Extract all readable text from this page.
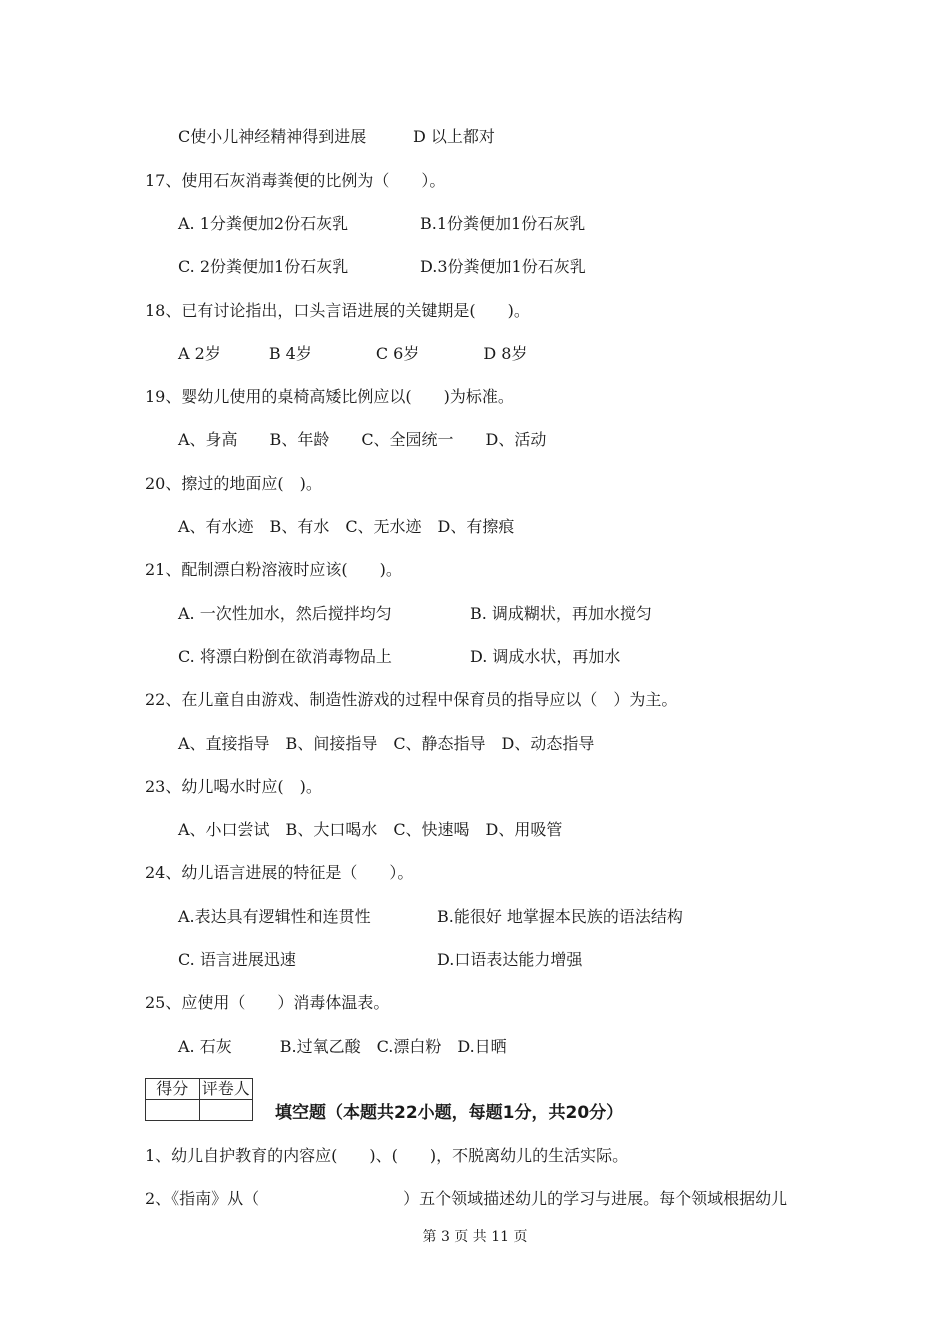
C使小儿神经精神得到进展	D 以上都对
17、使用石灰消毒粪便的比例为（　　）。
A. 1分粪便加2份石灰乳	B.1份粪便加1份石灰乳
C. 2份粪便加1份石灰乳	D.3份粪便加1份石灰乳
18、已有讨论指出，口头言语进展的关键期是(　　)。
A 2岁　　　B 4岁　　　　C 6岁　　　　D 8岁
19、婴幼儿使用的桌椅高矮比例应以(　　)为标准。
A、身高　　B、年龄　　C、全园统一　　D、活动
20、擦过的地面应(　)。
A、有水迹　B、有水　C、无水迹　D、有擦痕
21、配制漂白粉溶液时应该(　　)。
A. 一次性加水，然后搅拌均匀	B. 调成糊状，再加水搅匀
C. 将漂白粉倒在欲消毒物品上	D. 调成水状，再加水
22、在儿童自由游戏、制造性游戏的过程中保育员的指导应以（　）为主。
A、直接指导　B、间接指导　C、静态指导　D、动态指导
23、幼儿喝水时应(　)。
A、小口尝试　B、大口喝水　C、快速喝　D、用吸管
24、幼儿语言进展的特征是（　　）。
A.表达具有逻辑性和连贯性	B.能很好 地掌握本民族的语法结构
C. 语言进展迅速	D.口语表达能力增强
25、应使用（　　）消毒体温表。
A. 石灰　　　B.过氧乙酸　C.漂白粉　D.日晒
得分	评卷人

填空题（本题共22小题，每题1分，共20分）
1、幼儿自护教育的内容应(　　)、(　　)，不脱离幼儿的生活实际。
2、《指南》从（　　　　　　　　　）五个领域描述幼儿的学习与进展。每个领域根据幼儿
第 3 页 共 11 页
